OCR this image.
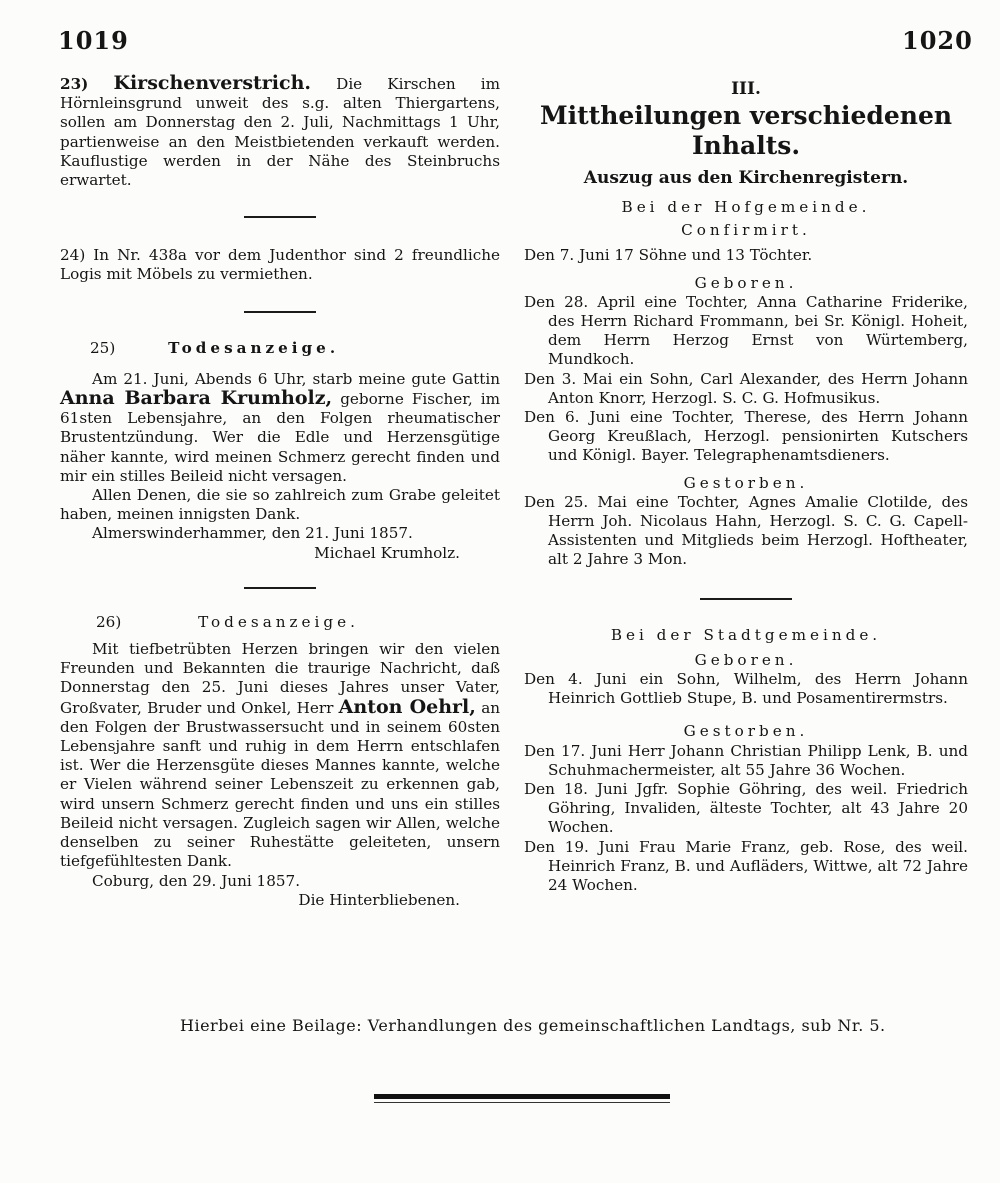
1019	1020

23) Kirschenverstrich. Die Kirschen im Hörnleinsgrund unweit des s.g. alten Thiergartens, sollen am Donnerstag den 2. Juli, Nachmittags 1 Uhr, partienweise an den Meistbietenden verkauft werden. Kauflustige werden in der Nähe des Steinbruchs erwartet.

24) In Nr. 438a vor dem Judenthor sind 2 freundliche Logis mit Möbels zu vermiethen.

25)	Todesanzeige.

Am 21. Juni, Abends 6 Uhr, starb meine gute Gattin Anna Barbara Krumholz, geborne Fischer, im 61sten Lebensjahre, an den Folgen rheumatischer Brustentzündung. Wer die Edle und Herzensgütige näher kannte, wird meinen Schmerz gerecht finden und mir ein stilles Beileid nicht versagen.

Allen Denen, die sie so zahlreich zum Grabe geleitet haben, meinen innigsten Dank.

Almerswinderhammer, den 21. Juni 1857.

Michael Krumholz.

26)	Todesanzeige.

Mit tiefbetrübten Herzen bringen wir den vielen Freunden und Bekannten die traurige Nachricht, daß Donnerstag den 25. Juni dieses Jahres unser Vater, Großvater, Bruder und Onkel, Herr Anton Oehrl, an den Folgen der Brustwassersucht und in seinem 60sten Lebensjahre sanft und ruhig in dem Herrn entschlafen ist. Wer die Herzensgüte dieses Mannes kannte, welche er Vielen während seiner Lebenszeit zu erkennen gab, wird unsern Schmerz gerecht finden und uns ein stilles Beileid nicht versagen. Zugleich sagen wir Allen, welche denselben zu seiner Ruhestätte geleiteten, unsern tiefgefühltesten Dank.

Coburg, den 29. Juni 1857.

Die Hinterbliebenen.

III.

Mittheilungen verschiedenen Inhalts.

Auszug aus den Kirchenregistern.

Bei der Hofgemeinde.

Confirmirt.

Den 7. Juni 17 Söhne und 13 Töchter.

Geboren.

Den 28. April eine Tochter, Anna Catharine Friderike, des Herrn Richard Frommann, bei Sr. Königl. Hoheit, dem Herrn Herzog Ernst von Würtemberg, Mundkoch.

Den 3. Mai ein Sohn, Carl Alexander, des Herrn Johann Anton Knorr, Herzogl. S. C. G. Hofmusikus.

Den 6. Juni eine Tochter, Therese, des Herrn Johann Georg Kreußlach, Herzogl. pensionirten Kutschers und Königl. Bayer. Telegraphenamtsdieners.

Gestorben.

Den 25. Mai eine Tochter, Agnes Amalie Clotilde, des Herrn Joh. Nicolaus Hahn, Herzogl. S. C. G. Capell-Assistenten und Mitglieds beim Herzogl. Hoftheater, alt 2 Jahre 3 Mon.

Bei der Stadtgemeinde.

Geboren.

Den 4. Juni ein Sohn, Wilhelm, des Herrn Johann Heinrich Gottlieb Stupe, B. und Posamentirermstrs.

Gestorben.

Den 17. Juni Herr Johann Christian Philipp Lenk, B. und Schuhmachermeister, alt 55 Jahre 36 Wochen.

Den 18. Juni Jgfr. Sophie Göhring, des weil. Friedrich Göhring, Invaliden, älteste Tochter, alt 43 Jahre 20 Wochen.

Den 19. Juni Frau Marie Franz, geb. Rose, des weil. Heinrich Franz, B. und Aufläders, Wittwe, alt 72 Jahre 24 Wochen.

Hierbei eine Beilage: Verhandlungen des gemeinschaftlichen Landtags, sub Nr. 5.
